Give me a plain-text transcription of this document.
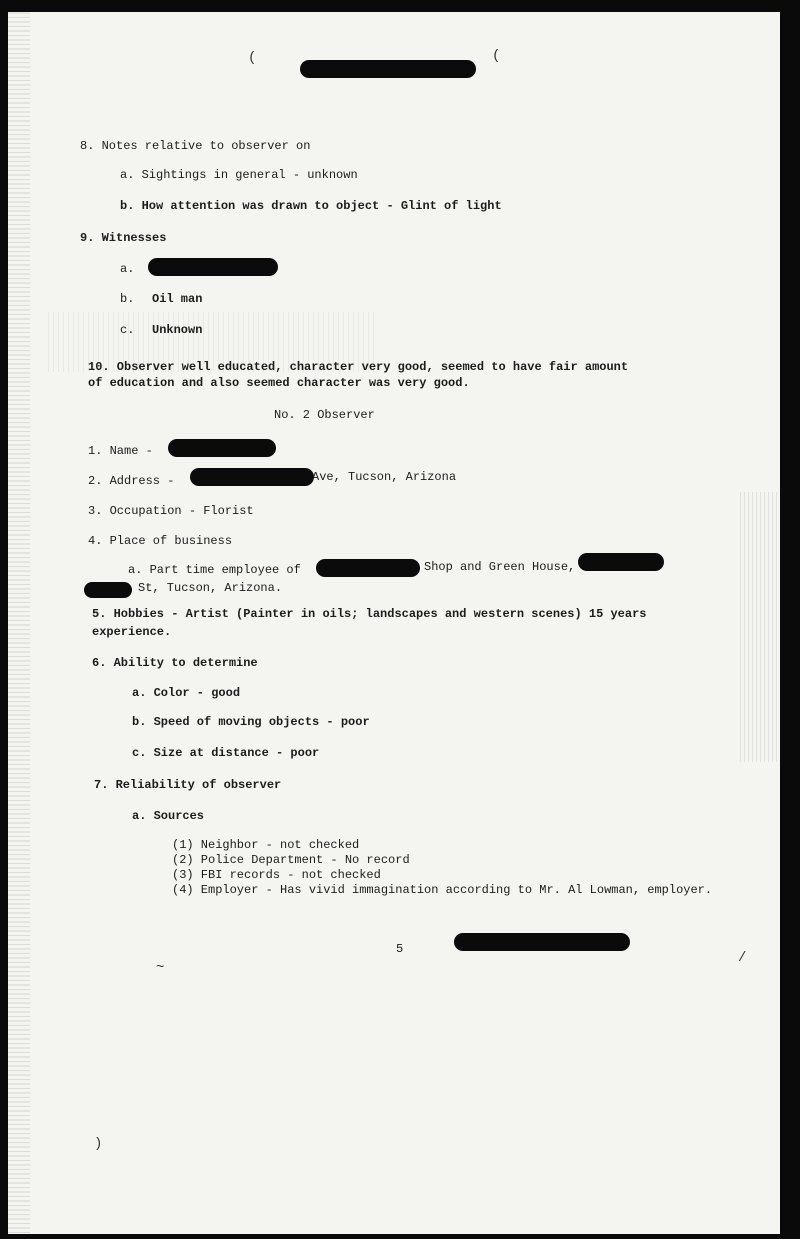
(	(
8. Notes relative to observer on
a. Sightings in general - unknown
b. How attention was drawn to object - Glint of light
9. Witnesses
a.
b. Oil man
c. Unknown
10. Observer well educated, character very good, seemed to have fair amount
of education and also seemed character was very good.
No. 2 Observer
1. Name -
2. Address -	Ave, Tucson, Arizona
3. Occupation - Florist
4. Place of business
a. Part time employee of	Shop and Green House,
St, Tucson, Arizona.
5. Hobbies - Artist (Painter in oils; landscapes and western scenes) 15 years
experience.
6. Ability to determine
a. Color - good
b. Speed of moving objects - poor
c. Size at distance - poor
7. Reliability of observer
a. Sources
(1) Neighbor - not checked
(2) Police Department - No record
(3) FBI records - not checked
(4) Employer - Has vivid immagination according to Mr. Al Lowman, employer.
5
~
)
/
